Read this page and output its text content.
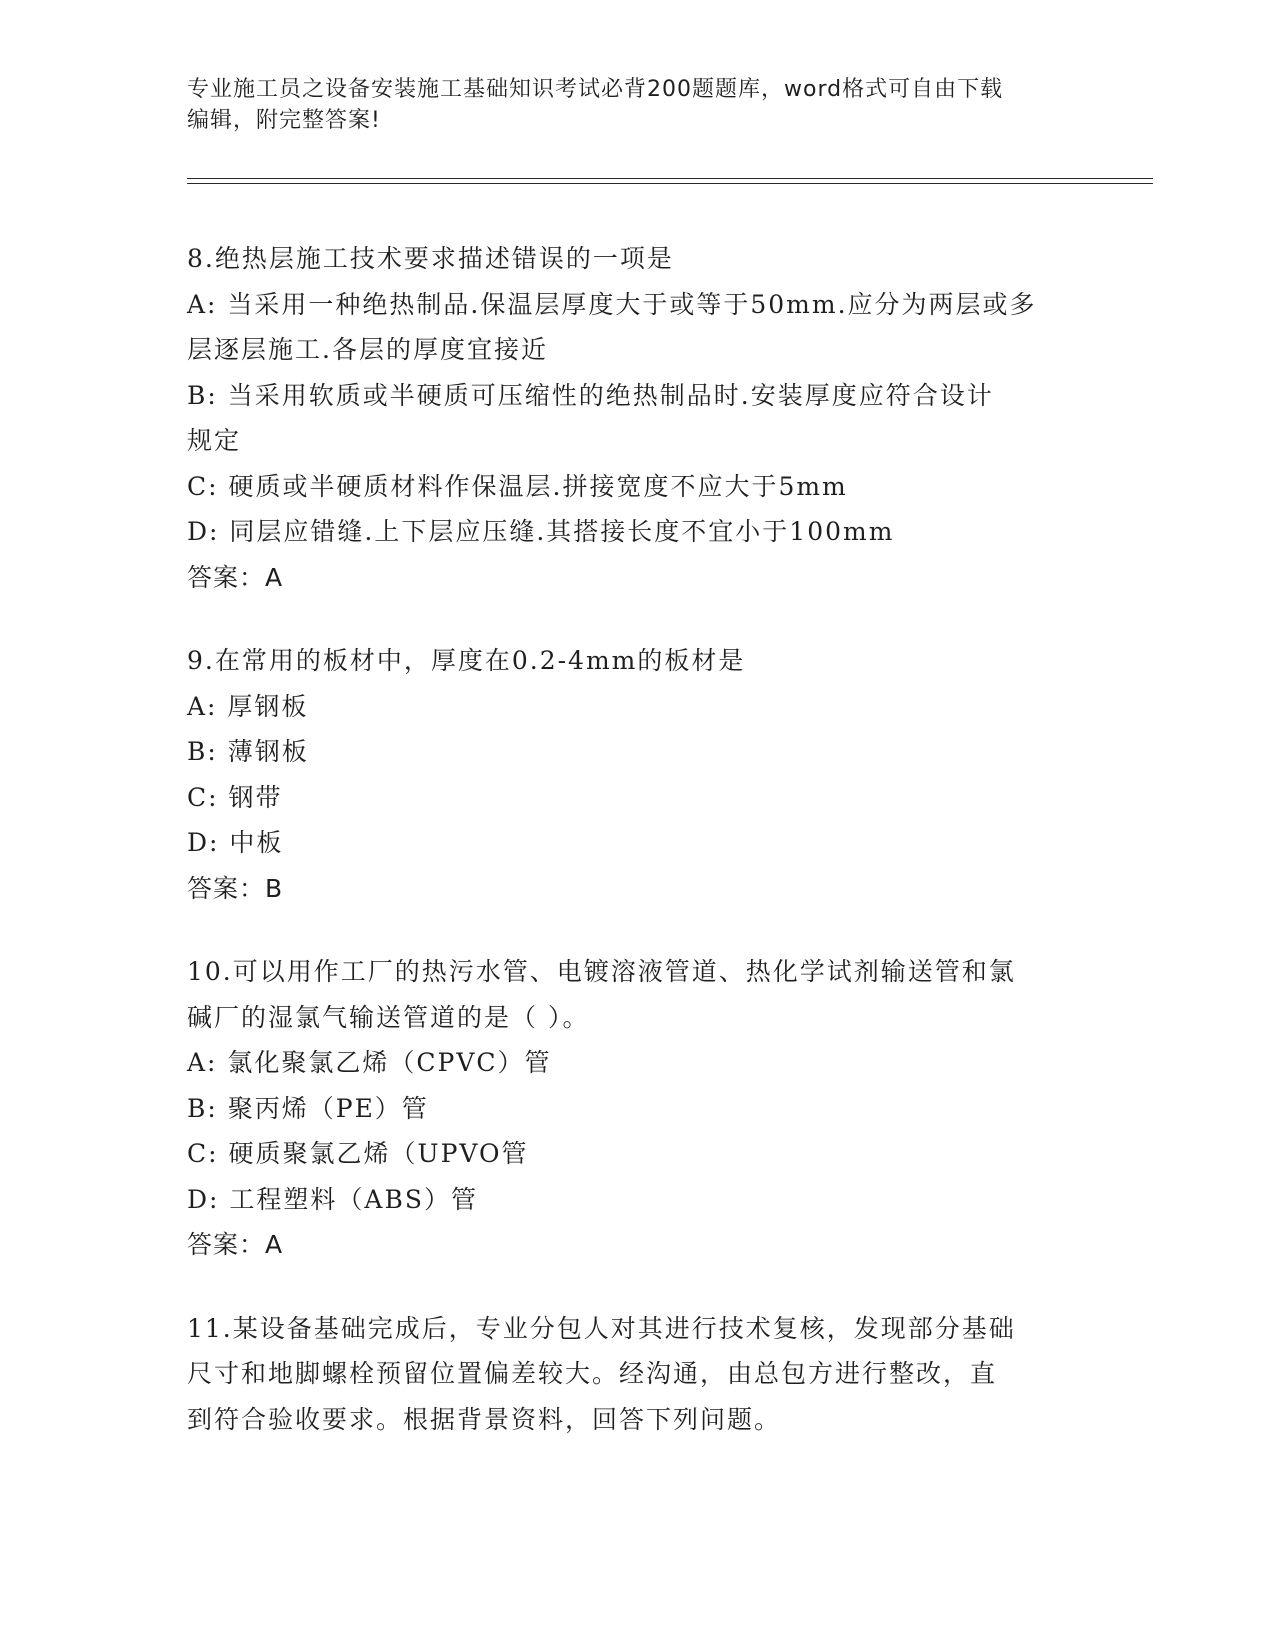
专业施工员之设备安装施工基础知识考试必背200题题库，word格式可自由下载
编辑，附完整答案!
8.绝热层施工技术要求描述错误的一项是
A: 当采用一种绝热制品.保温层厚度大于或等于50mm.应分为两层或多
层逐层施工.各层的厚度宜接近
B: 当采用软质或半硬质可压缩性的绝热制品时.安装厚度应符合设计
规定
C: 硬质或半硬质材料作保温层.拼接宽度不应大于5mm
D: 同层应错缝.上下层应压缝.其搭接长度不宜小于100mm
答案：A
9.在常用的板材中，厚度在0.2-4mm的板材是
A: 厚钢板
B: 薄钢板
C: 钢带
D: 中板
答案：B
10.可以用作工厂的热污水管、电镀溶液管道、热化学试剂输送管和氯
碱厂的湿氯气输送管道的是（ ）。
A: 氯化聚氯乙烯（CPVC）管
B: 聚丙烯（PE）管
C: 硬质聚氯乙烯（UPVO管
D: 工程塑料（ABS）管
答案：A
11.某设备基础完成后，专业分包人对其进行技术复核，发现部分基础
尺寸和地脚螺栓预留位置偏差较大。经沟通，由总包方进行整改，直
到符合验收要求。根据背景资料，回答下列问题。
